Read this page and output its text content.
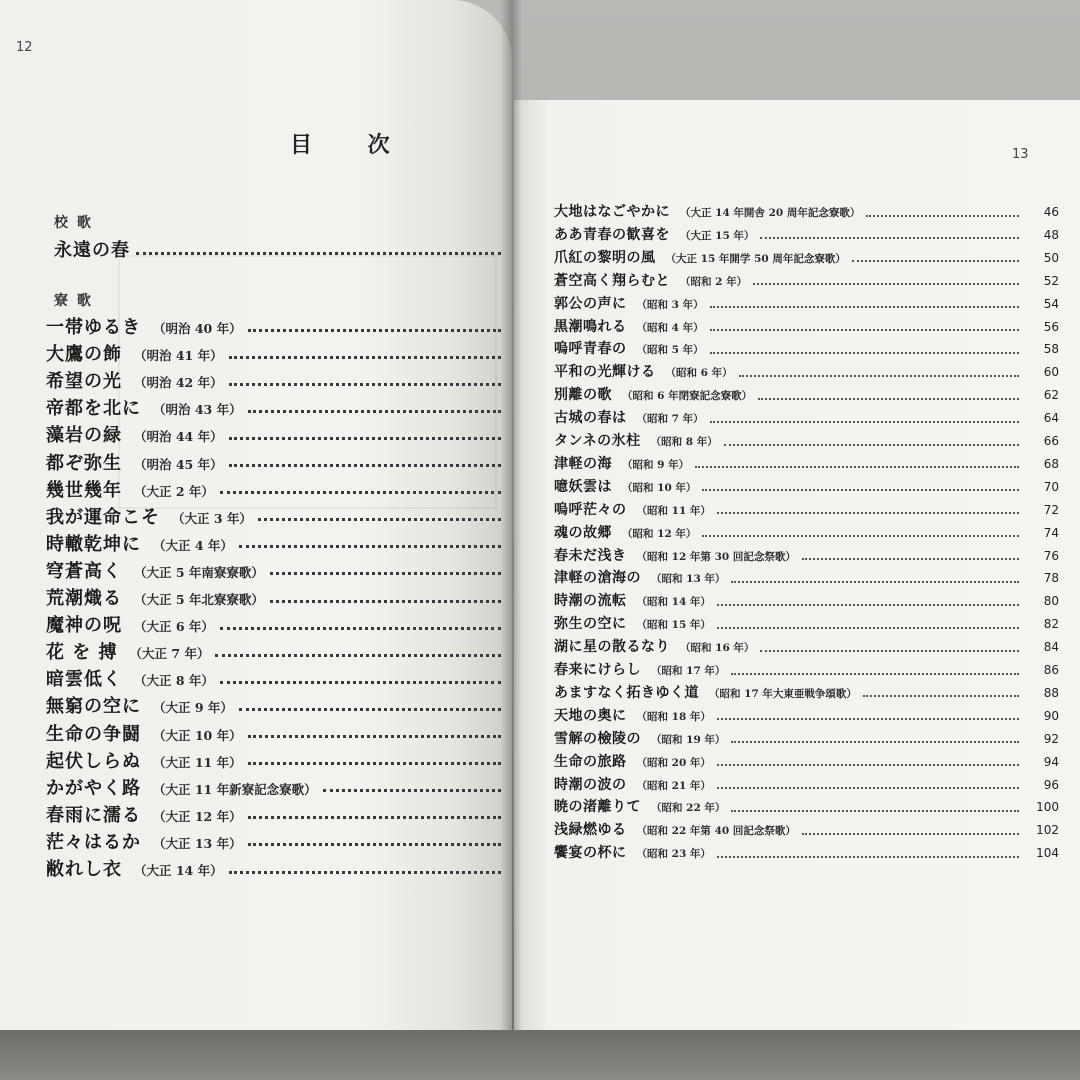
12
目 次
校 歌
永遠の春
寮 歌
一帯ゆるき （明治 40 年）
大鷹の飾 （明治 41 年）
希望の光 （明治 42 年）
帝都を北に （明治 43 年）
藻岩の緑 （明治 44 年）
都ぞ弥生 （明治 45 年）
幾世幾年 （大正 2 年）
我が運命こそ （大正 3 年）
時轍乾坤に （大正 4 年）
穹蒼高く （大正 5 年南寮寮歌）
荒潮熾る （大正 5 年北寮寮歌）
魔神の呪 （大正 6 年）
花 を 搏 （大正 7 年）
暗雲低く （大正 8 年）
無窮の空に （大正 9 年）
生命の争闘 （大正 10 年）
起伏しらぬ （大正 11 年）
かがやく路 （大正 11 年新寮記念寮歌）
春雨に濡る （大正 12 年）
茫々はるか （大正 13 年）
敝れし衣 （大正 14 年）
13
大地はなごやかに （大正 14 年開舎 20 周年記念寮歌）	46
ああ青春の歓喜を （大正 15 年）	48
爪紅の黎明の風 （大正 15 年開学 50 周年記念寮歌）	50
蒼空高く翔らむと （昭和 2 年）	52
郭公の声に （昭和 3 年）	54
黒潮鳴れる （昭和 4 年）	56
嗚呼青春の （昭和 5 年）	58
平和の光輝ける （昭和 6 年）	60
別離の歌 （昭和 6 年閉寮記念寮歌）	62
古城の春は （昭和 7 年）	64
タンネの氷柱 （昭和 8 年）	66
津軽の海 （昭和 9 年）	68
噫妖雲は （昭和 10 年）	70
嗚呼茫々の （昭和 11 年）	72
魂の故郷 （昭和 12 年）	74
春未だ浅き （昭和 12 年第 30 回記念祭歌）	76
津軽の滄海の （昭和 13 年）	78
時潮の流転 （昭和 14 年）	80
弥生の空に （昭和 15 年）	82
湖に星の散るなり （昭和 16 年）	84
春来にけらし （昭和 17 年）	86
あますなく拓きゆく道 （昭和 17 年大東亜戦争頌歌）	88
天地の奥に （昭和 18 年）	90
雪解の檢陵の （昭和 19 年）	92
生命の旅路 （昭和 20 年）	94
時潮の波の （昭和 21 年）	96
暁の渚離りて （昭和 22 年）	100
浅緑燃ゆる （昭和 22 年第 40 回記念祭歌）	102
饗宴の杯に （昭和 23 年）	104
